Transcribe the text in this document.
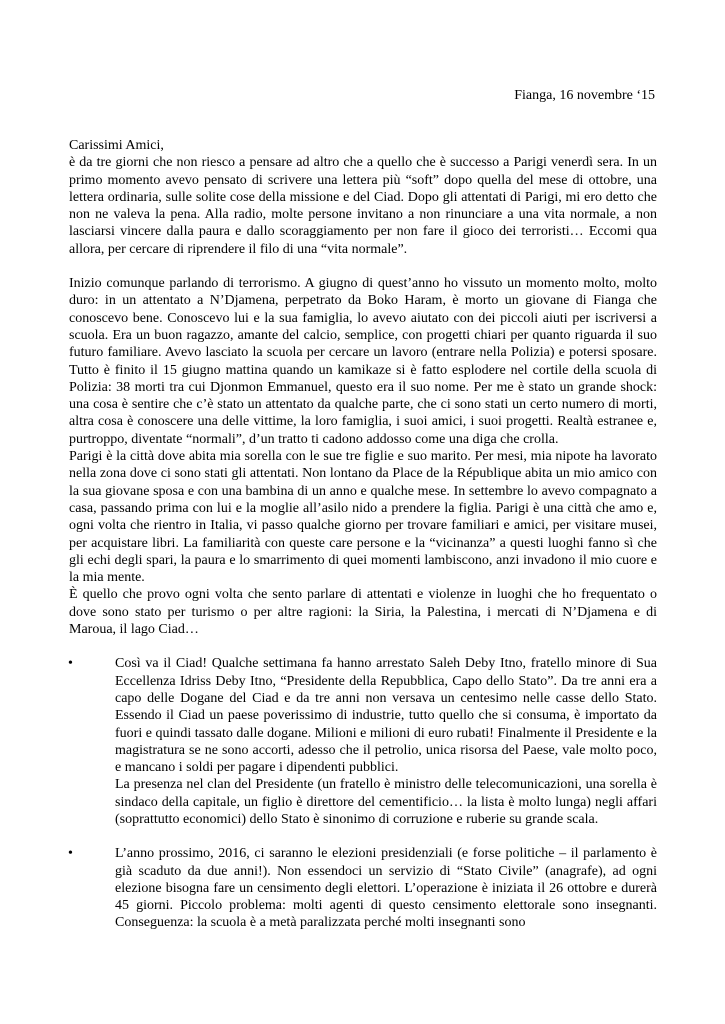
Fianga, 16 novembre ‘15

Carissimi Amici,

è da tre giorni che non riesco a pensare ad altro che a quello che è successo a Parigi venerdì sera. In un primo momento avevo pensato di scrivere una lettera più “soft” dopo quella del mese di ottobre, una lettera ordinaria, sulle solite cose della missione e del Ciad. Dopo gli attentati di Parigi, mi ero detto che non ne valeva la pena. Alla radio, molte persone invitano a non rinunciare a una vita normale, a non lasciarsi vincere dalla paura e dallo scoraggiamento per non fare il gioco dei terroristi… Eccomi qua allora, per cercare di riprendere il filo di una “vita normale”.

Inizio comunque parlando di terrorismo. A giugno di quest’anno ho vissuto un momento molto, molto duro: in un attentato a N’Djamena, perpetrato da Boko Haram, è morto un giovane di Fianga che conoscevo bene. Conoscevo lui e la sua famiglia, lo avevo aiutato con dei piccoli aiuti per iscriversi a scuola. Era un buon ragazzo, amante del calcio, semplice, con progetti chiari per quanto riguarda il suo futuro familiare. Avevo lasciato la scuola per cercare un lavoro (entrare nella Polizia) e potersi sposare. Tutto è finito il 15 giugno mattina quando un kamikaze si è fatto esplodere nel cortile della scuola di Polizia: 38 morti tra cui Djonmon Emmanuel, questo era il suo nome. Per me è stato un grande shock: una cosa è sentire che c’è stato un attentato da qualche parte, che ci sono stati un certo numero di morti, altra cosa è conoscere una delle vittime, la loro famiglia, i suoi amici, i suoi progetti. Realtà estranee e, purtroppo, diventate “normali”, d’un tratto ti cadono addosso come una diga che crolla.

Parigi è la città dove abita mia sorella con le sue tre figlie e suo marito. Per mesi, mia nipote ha lavorato nella zona dove ci sono stati gli attentati. Non lontano da Place de la République abita un mio amico con la sua giovane sposa e con una bambina di un anno e qualche mese. In settembre lo avevo compagnato a casa, passando prima con lui e la moglie all’asilo nido a prendere la figlia. Parigi è una città che amo e, ogni volta che rientro in Italia, vi passo qualche giorno per trovare familiari e amici, per visitare musei, per acquistare libri. La familiarità con queste care persone e la “vicinanza” a questi luoghi fanno sì che gli echi degli spari, la paura e lo smarrimento di quei momenti lambiscono, anzi invadono il mio cuore e la mia mente.

È quello che provo ogni volta che sento parlare di attentati e violenze in luoghi che ho frequentato o dove sono stato per turismo o per altre ragioni: la Siria, la Palestina, i mercati di N’Djamena e di Maroua, il lago Ciad…

•	Così va il Ciad! Qualche settimana fa hanno arrestato Saleh Deby Itno, fratello minore di Sua Eccellenza Idriss Deby Itno, “Presidente della Repubblica, Capo dello Stato”. Da tre anni era a capo delle Dogane del Ciad e da tre anni non versava un centesimo nelle casse dello Stato. Essendo il Ciad un paese poverissimo di industrie, tutto quello che si consuma, è importato da fuori e quindi tassato dalle dogane. Milioni e milioni di euro rubati! Finalmente il Presidente e la magistratura se ne sono accorti, adesso che il petrolio, unica risorsa del Paese, vale molto poco, e mancano i soldi per pagare i dipendenti pubblici.

La presenza nel clan del Presidente (un fratello è ministro delle telecomunicazioni, una sorella è sindaco della capitale, un figlio è direttore del cementificio… la lista è molto lunga) negli affari (soprattutto economici) dello Stato è sinonimo di corruzione e ruberie su grande scala.

•	L’anno prossimo, 2016, ci saranno le elezioni presidenziali (e forse politiche – il parlamento è già scaduto da due anni!). Non essendoci un servizio di “Stato Civile” (anagrafe), ad ogni elezione bisogna fare un censimento degli elettori. L’operazione è iniziata il 26 ottobre e durerà 45 giorni. Piccolo problema: molti agenti di questo censimento elettorale sono insegnanti. Conseguenza: la scuola è a metà paralizzata perché molti insegnanti sono
